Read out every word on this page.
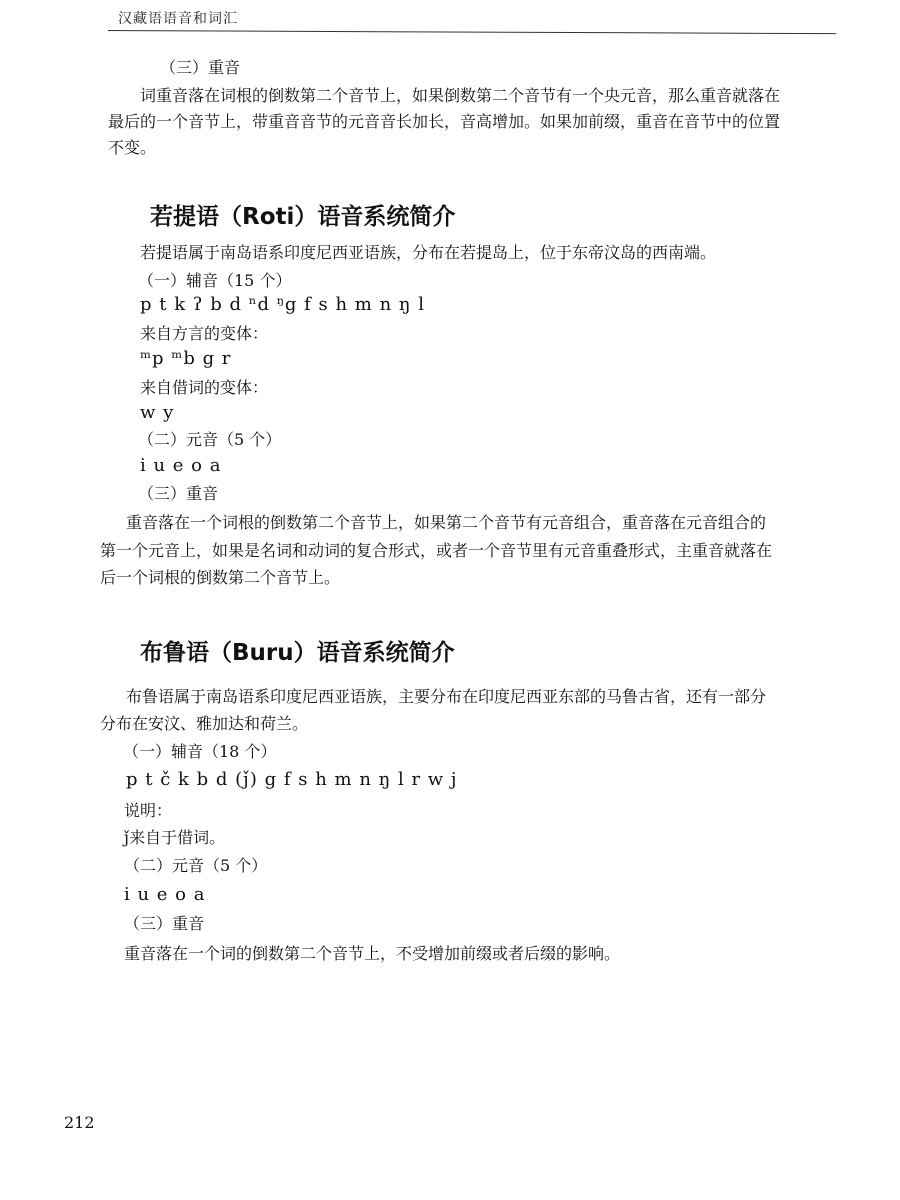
汉藏语语音和词汇
（三）重音
词重音落在词根的倒数第二个音节上，如果倒数第二个音节有一个央元音，那么重音就落在
最后的一个音节上，带重音音节的元音音长加长，音高增加。如果加前缀，重音在音节中的位置
不变。
若提语（Roti）语音系统简介
若提语属于南岛语系印度尼西亚语族，分布在若提岛上，位于东帝汶岛的西南端。
（一）辅音（15 个）
p t k ʔ b d ⁿd ᵑg f s h m n ŋ l
来自方言的变体：
ᵐp ᵐb g r
来自借词的变体：
w y
（二）元音（5 个）
i u e o a
（三）重音
重音落在一个词根的倒数第二个音节上，如果第二个音节有元音组合，重音落在元音组合的
第一个元音上，如果是名词和动词的复合形式，或者一个音节里有元音重叠形式，主重音就落在
后一个词根的倒数第二个音节上。
布鲁语（Buru）语音系统简介
布鲁语属于南岛语系印度尼西亚语族，主要分布在印度尼西亚东部的马鲁古省，还有一部分
分布在安汶、雅加达和荷兰。
（一）辅音（18 个）
p t č k b d (ǰ) g f s h m n ŋ l r w j
说明：
ǰ来自于借词。
（二）元音（5 个）
i u e o a
（三）重音
重音落在一个词的倒数第二个音节上，不受增加前缀或者后缀的影响。
212
